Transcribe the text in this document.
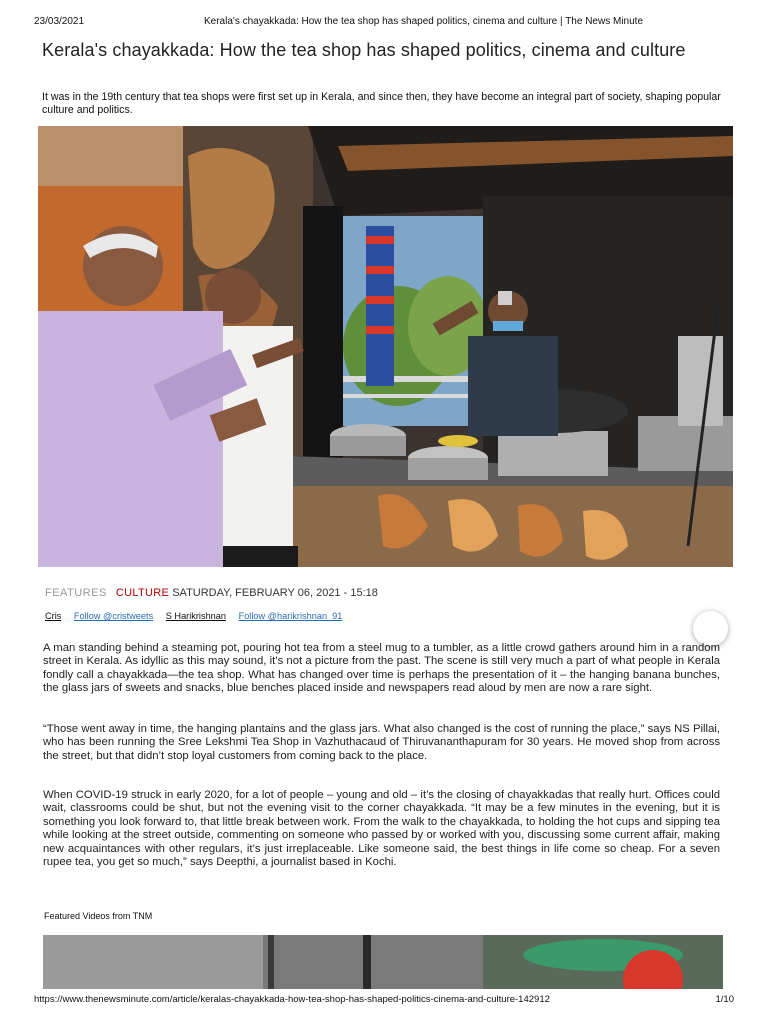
23/03/2021	Kerala's chayakkada: How the tea shop has shaped politics, cinema and culture | The News Minute
Kerala's chayakkada: How the tea shop has shaped politics, cinema and culture

It was in the 19th century that tea shops were first set up in Kerala, and since then, they have become an integral part of society, shaping popular culture and politics.

FEATURES CULTURE SATURDAY, FEBRUARY 06, 2021 - 15:18
Cris Follow @cristweets S Harikrishnan Follow @harikrishnan_91

A man standing behind a steaming pot, pouring hot tea from a steel mug to a tumbler, as a little crowd gathers around him in a random street in Kerala. As idyllic as this may sound, it’s not a picture from the past. The scene is still very much a part of what people in Kerala fondly call a chayakkada—the tea shop. What has changed over time is perhaps the presentation of it – the hanging banana bunches, the glass jars of sweets and snacks, blue benches placed inside and newspapers read aloud by men are now a rare sight.

“Those went away in time, the hanging plantains and the glass jars. What also changed is the cost of running the place,” says NS Pillai, who has been running the Sree Lekshmi Tea Shop in Vazhuthacaud of Thiruvananthapuram for 30 years. He moved shop from across the street, but that didn’t stop loyal customers from coming back to the place.

When COVID-19 struck in early 2020, for a lot of people – young and old – it’s the closing of chayakkadas that really hurt. Offices could wait, classrooms could be shut, but not the evening visit to the corner chayakkada. “It may be a few minutes in the evening, but it is something you look forward to, that little break between work. From the walk to the chayakkada, to holding the hot cups and sipping tea while looking at the street outside, commenting on someone who passed by or worked with you, discussing some current affair, making new acquaintances with other regulars, it’s just irreplaceable. Like someone said, the best things in life come so cheap. For a seven rupee tea, you get so much,” says Deepthi, a journalist based in Kochi.

Featured Videos from TNM
https://www.thenewsminute.com/article/keralas-chayakkada-how-tea-shop-has-shaped-politics-cinema-and-culture-142912	1/10
